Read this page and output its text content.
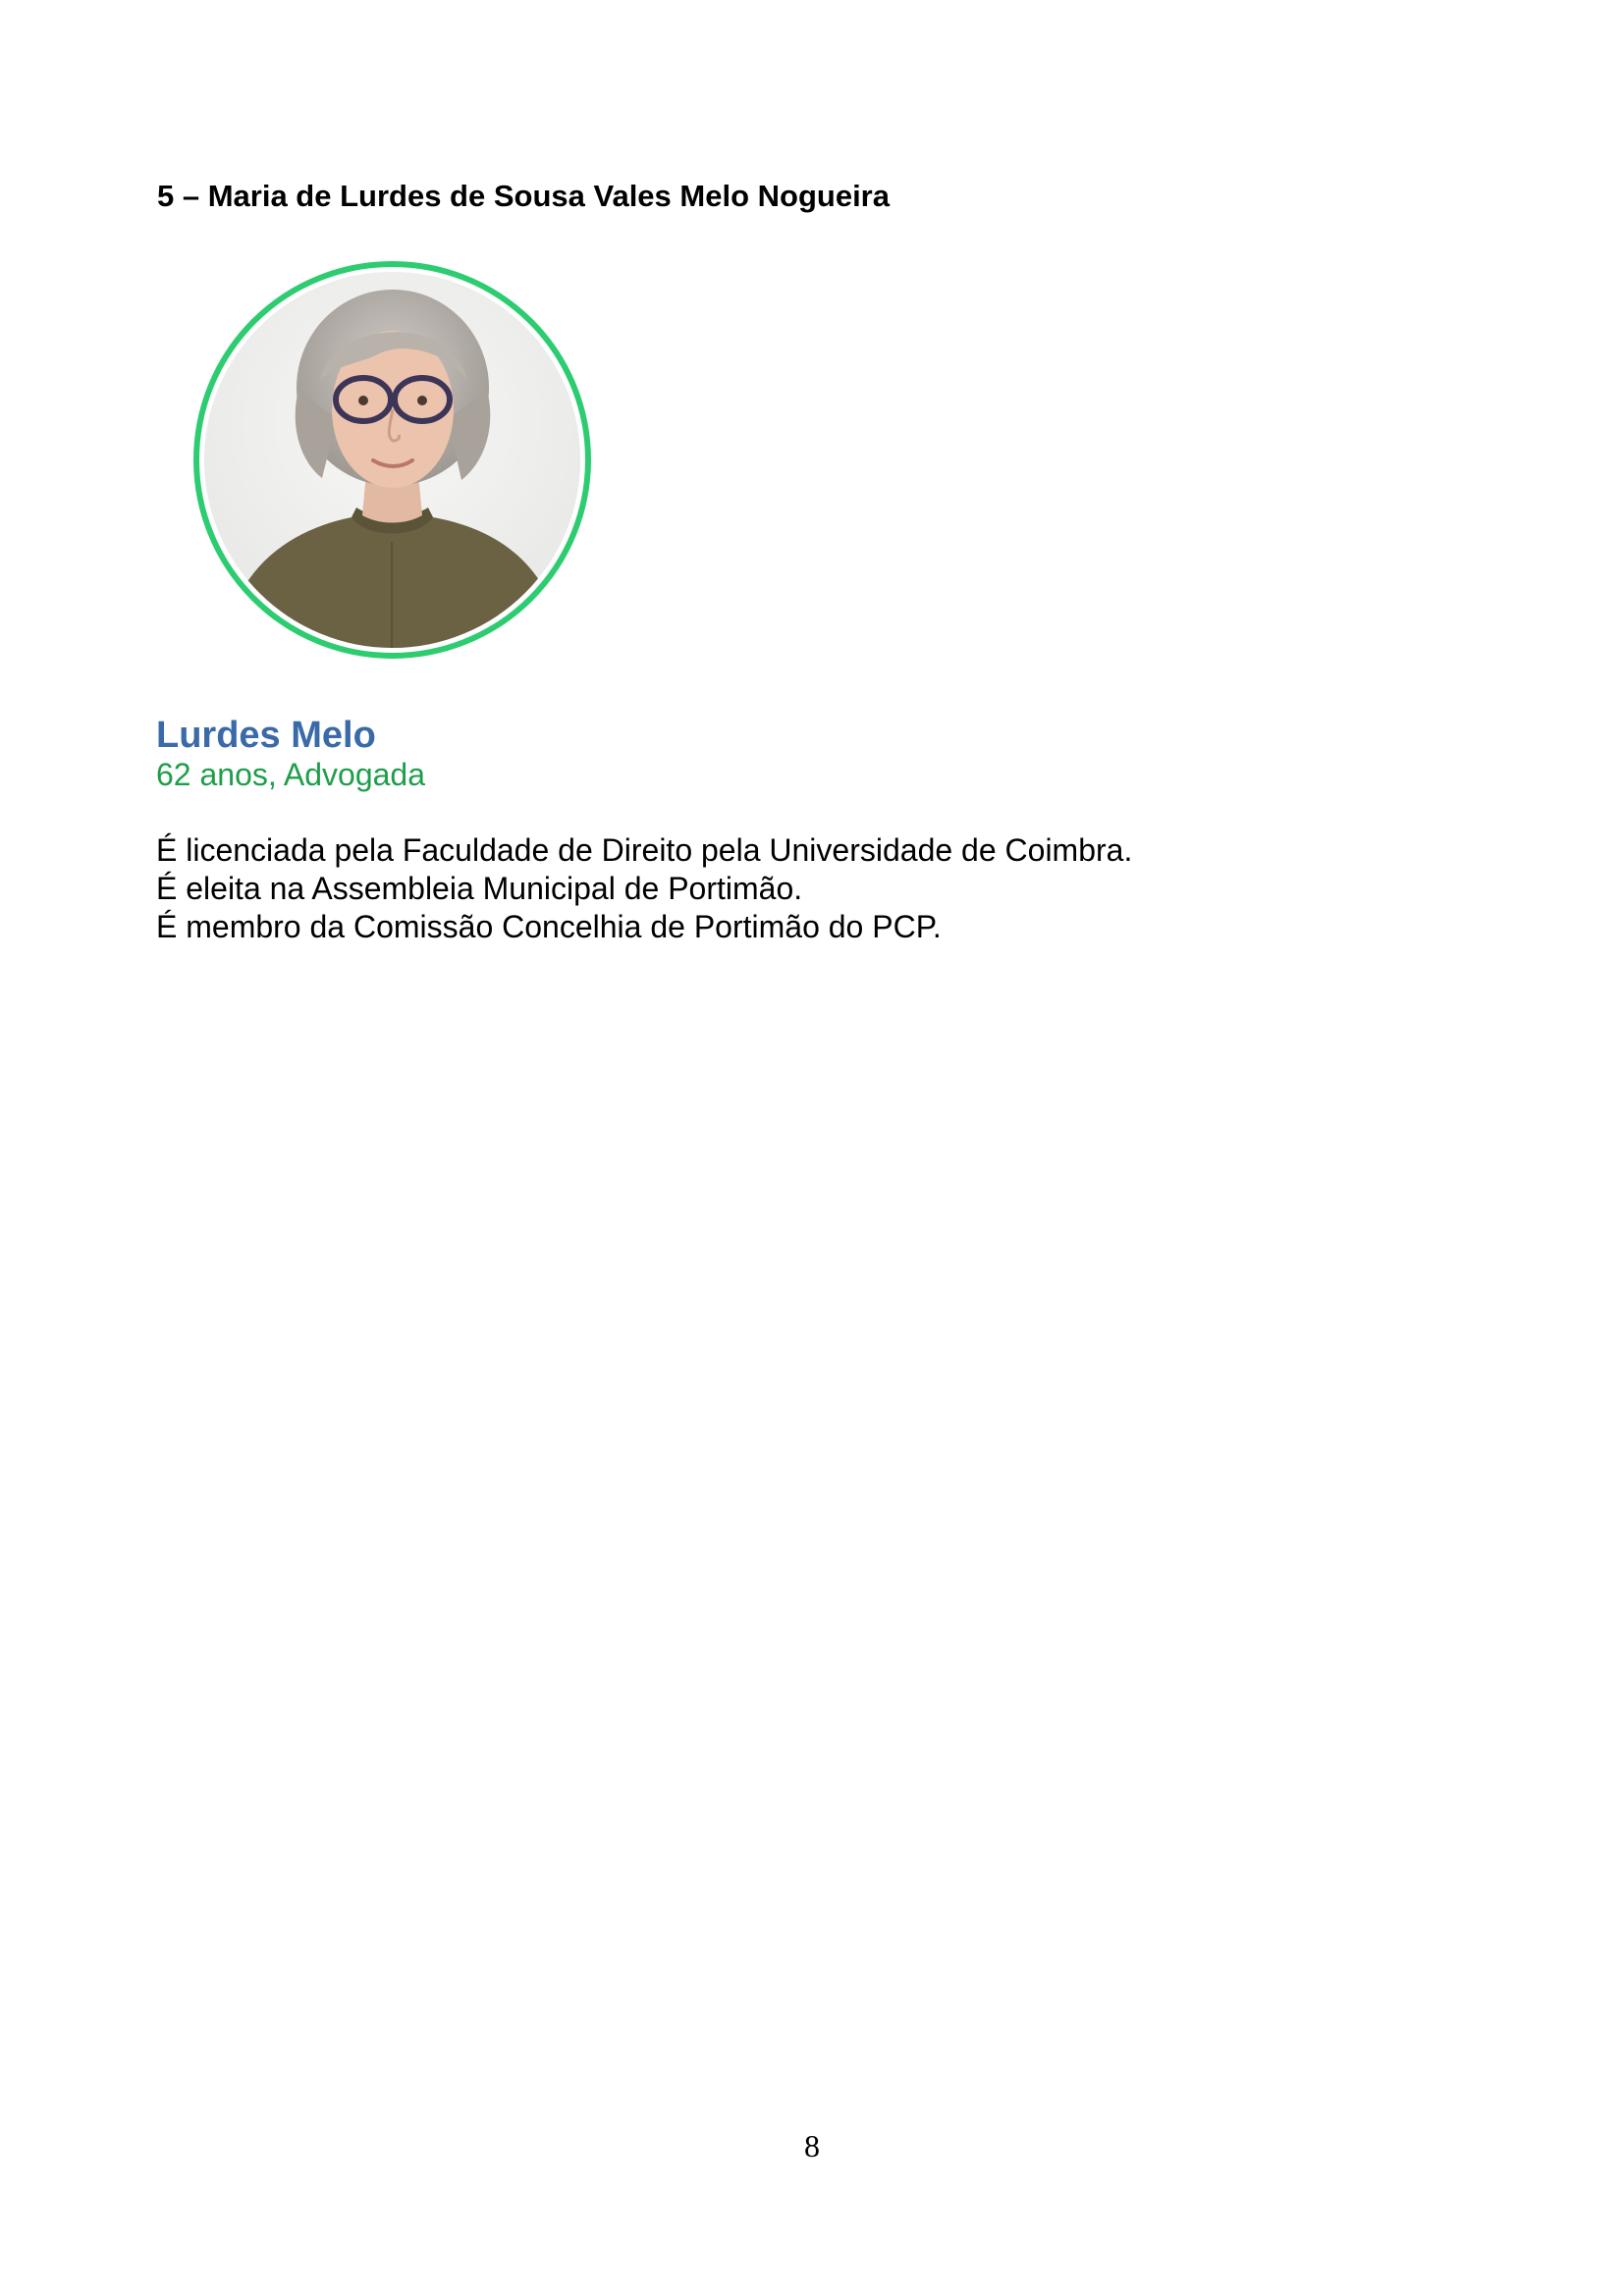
5 – Maria de Lurdes de Sousa Vales Melo Nogueira
Lurdes Melo

62 anos, Advogada

É licenciada pela Faculdade de Direito pela Universidade de Coimbra.
É eleita na Assembleia Municipal de Portimão.
É membro da Comissão Concelhia de Portimão do PCP.
8
